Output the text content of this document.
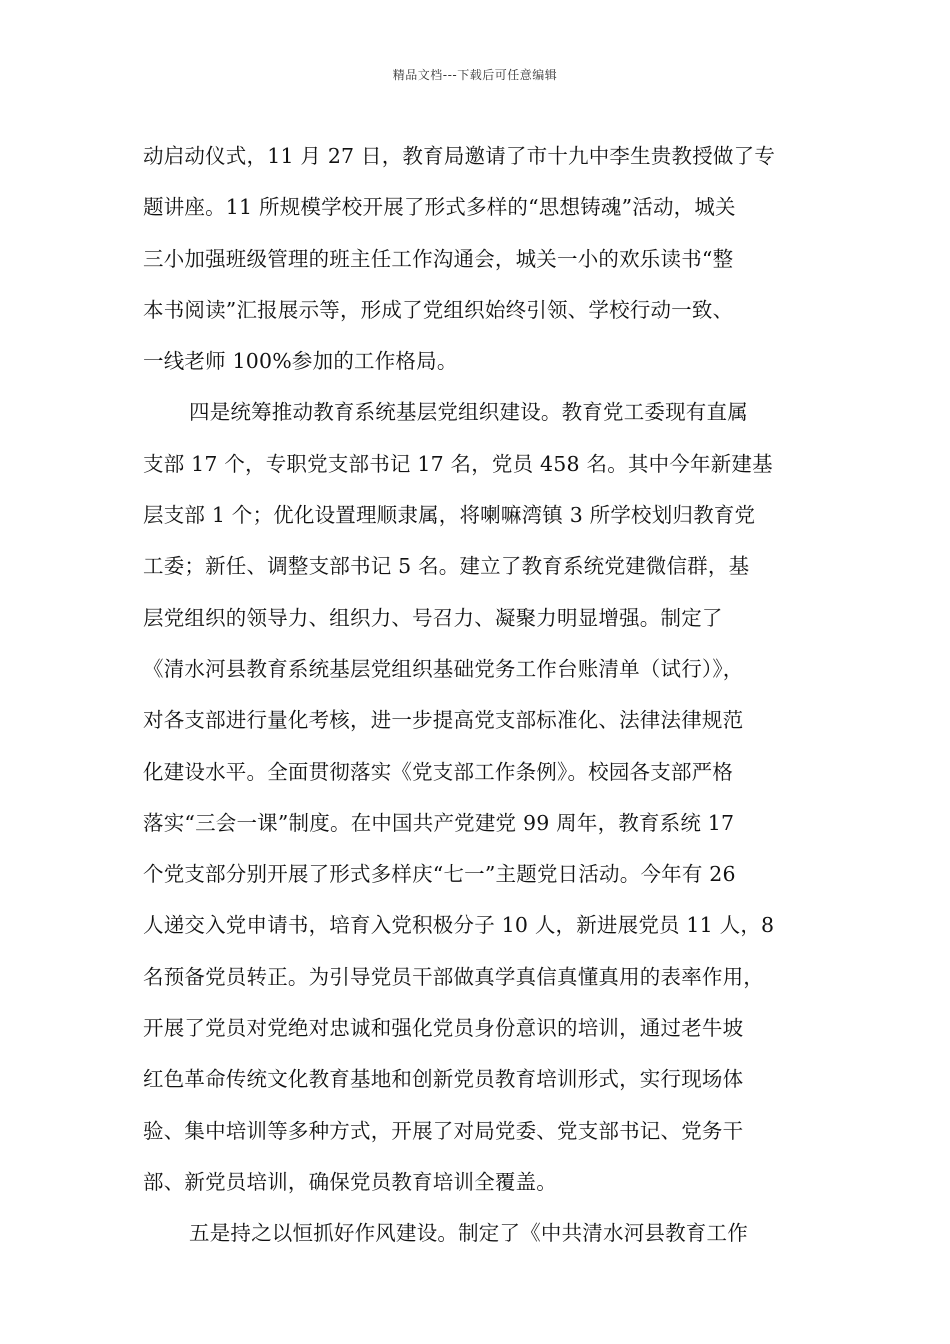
精品文档---下载后可任意编辑
动启动仪式，11 月 27 日，教育局邀请了市十九中李生贵教授做了专
题讲座。11 所规模学校开展了形式多样的“思想铸魂”活动，城关
三小加强班级管理的班主任工作沟通会，城关一小的欢乐读书“整
本书阅读”汇报展示等，形成了党组织始终引领、学校行动一致、
一线老师 100%参加的工作格局。
四是统筹推动教育系统基层党组织建设。教育党工委现有直属
支部 17 个，专职党支部书记 17 名，党员 458 名。其中今年新建基
层支部 1 个；优化设置理顺隶属，将喇嘛湾镇 3 所学校划归教育党
工委；新任、调整支部书记 5 名。建立了教育系统党建微信群，基
层党组织的领导力、组织力、号召力、凝聚力明显增强。制定了
《清水河县教育系统基层党组织基础党务工作台账清单（试行）》，
对各支部进行量化考核，进一步提高党支部标准化、法律法律规范
化建设水平。全面贯彻落实《党支部工作条例》。校园各支部严格
落实“三会一课”制度。在中国共产党建党 99 周年，教育系统 17
个党支部分别开展了形式多样庆“七一”主题党日活动。今年有 26
人递交入党申请书，培育入党积极分子 10 人，新进展党员 11 人，8
名预备党员转正。为引导党员干部做真学真信真懂真用的表率作用，
开展了党员对党绝对忠诚和强化党员身份意识的培训，通过老牛坡
红色革命传统文化教育基地和创新党员教育培训形式，实行现场体
验、集中培训等多种方式，开展了对局党委、党支部书记、党务干
部、新党员培训，确保党员教育培训全覆盖。
五是持之以恒抓好作风建设。制定了《中共清水河县教育工作
